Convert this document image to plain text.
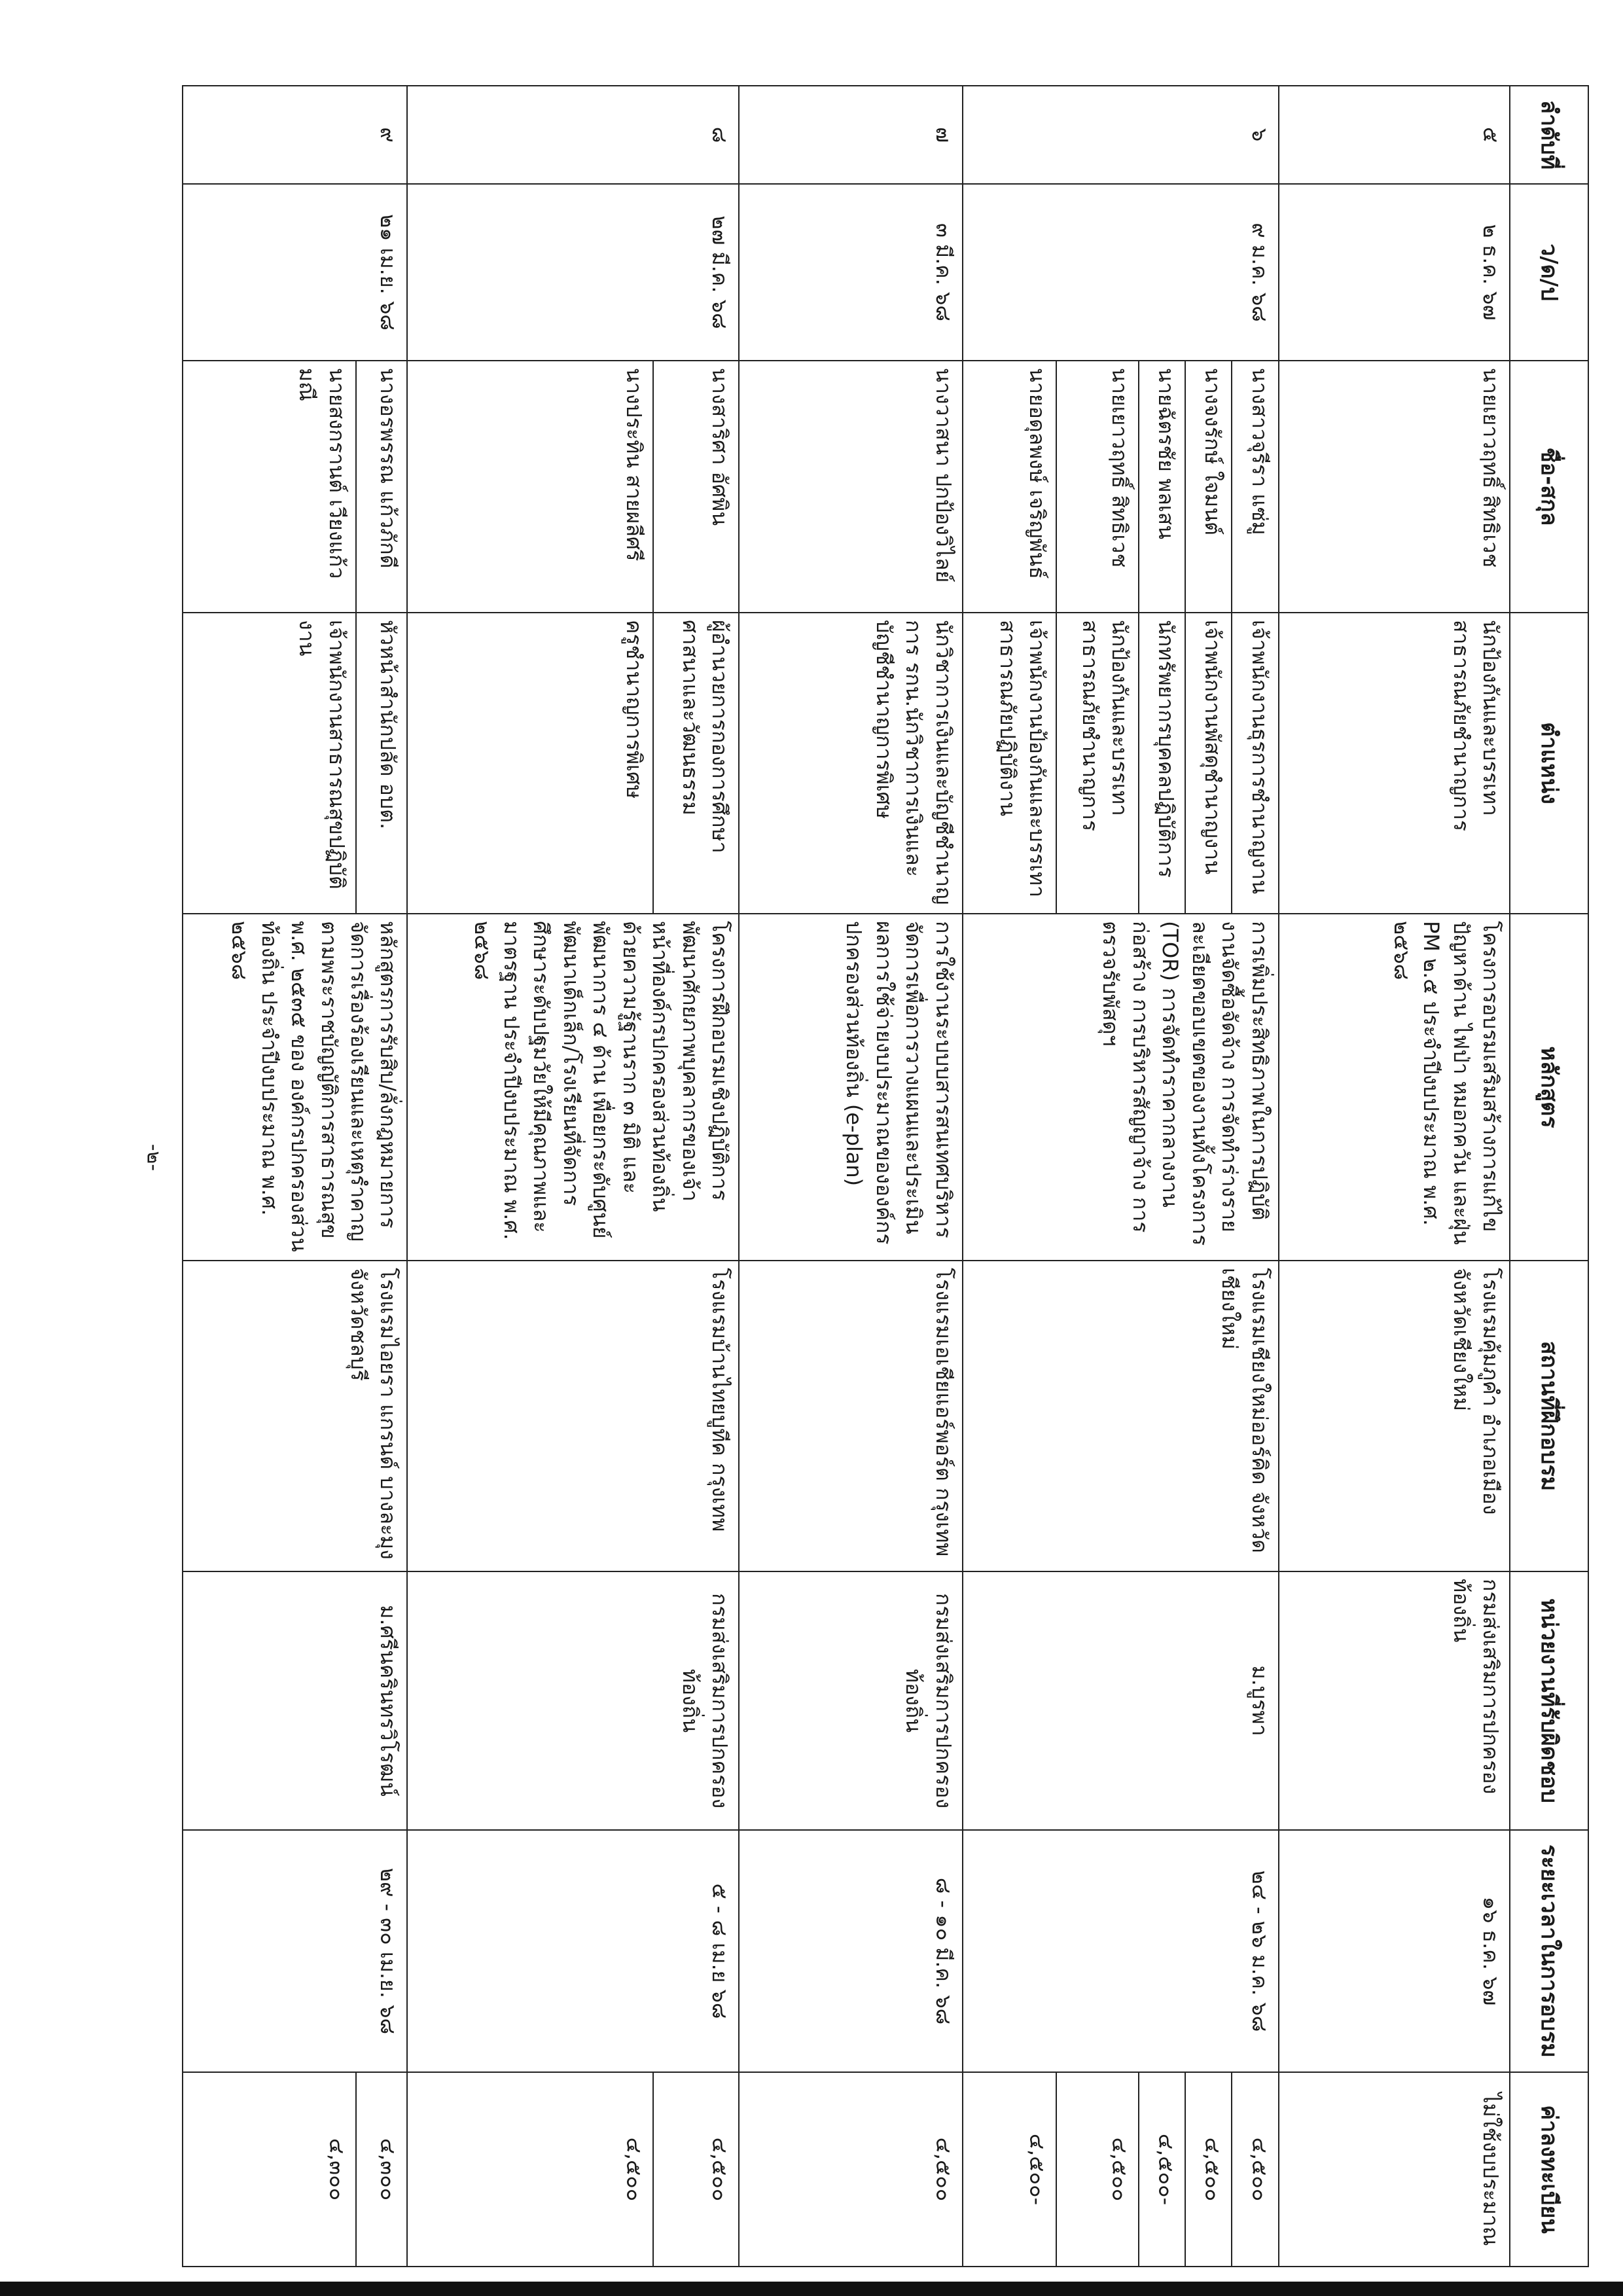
-๒-
ลำดับที่	ว/ด/ป	ชื่อ-สกุล	ตำแหน่ง	หลักสูตร	สถานที่ฝึกอบรม	หน่วยงานที่รับผิดชอบ	ระยะเวลาในการอบรม	ค่าลงทะเบียน
๕	๒ ธ.ค. ๖๗	นายเยาวฤทธิ์ สิทธิเวช	นักป้องกันและบรรเทาสาธารณภัยชำนาญการ	โครงการอบรมเสริมสร้างการแก้ไขปัญหาด้าน ไฟป่า หมอกควัน และฝุ่น PM ๒.๕ ประจำปีงบประมาณ พ.ศ. ๒๕๖๘	โรงแรมคุ้มภูคำ อำเภอเมือง จังหวัดเชียงใหม่	กรมส่งเสริมการปกครองท้องถิ่น	๑๖ ธ.ค. ๖๗	ไม่ใช้งบประมาณ
๖	๙ ม.ค. ๖๘	นางสาวจุรีรา แซ่มู	เจ้าพนักงานธุรการชำนาญงาน	การเพิ่มประสิทธิภาพในการปฏิบัติงานจัดซื้อจัดจ้าง การจัดทำร่างรายละเอียดขอบเขตของงานทั้งโครงการ (TOR) การจัดทำราคากลางงานก่อสร้าง การบริหารสัญญาจ้าง การตรวจรับพัสดุฯ	โรงแรมเชียงใหม่ออร์คิด จังหวัดเชียงใหม่	ม.บูรพา	๒๔ - ๒๖ ม.ค. ๖๘	๔,๕๐๐
		นางจงรักษ์ ใจมนต์	เจ้าพนักงานพัสดุชำนาญงาน					๔,๕๐๐
		นายฉัตรชัย พลเสน	นักทรัพยากรบุคคลปฏิบัติการ					๔,๕๐๐-
		นายเยาวฤทธิ์ สิทธิเวช	นักป้องกันและบรรเทาสาธารณภัยชำนาญการ					๔,๕๐๐
		นายอดุลพงษ์ เจริญพันธ์	เจ้าพนักงานป้องกันและบรรเทาสาธารณภัยปฏิบัติงาน					๔,๕๐๐-
๗	๓ มี.ค. ๖๘	นางวาสนา ปกป้องวิไลย์	นักวิชาการเงินและบัญชีชำนาญการ รกน.นักวิชาการเงินและบัญชีชำนาญการพิเศษ	การใช้งานระบบบสารสนเทศบริหารจัดการเพื่อการวางแผนและประเมินผลการใช้จ่ายงบประมาณขององค์กรปกครองส่วนท้องถิ่น (e-plan)	โรงแรมเอเชียแอร์พอร์ต กรุงเทพ	กรมส่งเสริมการปกครองท้องถิ่น	๘ - ๑๐ มี.ค. ๖๘	๔,๕๐๐
๘	๒๗ มี.ค. ๖๘	นางสาริศา อัศพิน	ผู้อำนวยการกองการศึกษา ศาสนาและวัฒนธรรม	โครงการฝึกอบรมเชิงปฏิบัติการพัฒนาศักยภาพบุคลากรของเจ้าหน้าที่องค์กรปกครองส่วนท้องถิ่น ด้วยความรู้ฐานราก ๓ มิติ และพัฒนาการ ๔ ด้าน เพื่อยกระดับศูนย์พัฒนาเด็กเล็ก/โรงเรียนที่จัดการศึกษาระดับปฐมวัยให้มีคุณภาพและมาตรฐาน ประจำปีงบประมาณ พ.ศ. ๒๕๖๘	โรงแรมบ้านไทยบูทีค กรุงเทพ	กรมส่งเสริมการปกครองท้องถิ่น	๕ - ๘ เม.ย ๖๘	๔,๕๐๐
		นางประทิน สายผลีศรี	ครูชำนาญการพิเศษ					๔,๕๐๐
๙	๒๑ เม.ย. ๖๘	นางอรพรรณ แก้วภักดี	หัวหน้าสำนักปลัด อบต.	หลักสูตรการรับสิบ/ลั่งกฎหมายการจัดการเรื่องร้องเรียนและเหตุรำคาญตามพระราชบัญญัติการสาธารณสุข พ.ศ. ๒๕๓๕ ของ องค์กรปกครองส่วนท้องถิ่น ประจำปีงบประมาณ พ.ศ. ๒๕๖๘	โรงแรมไอยรา แกรนด์ บางละมุง จังหวัดชลบุรี	ม.ศรีนครินทรวิโรฒน์	๒๙ - ๓๐ เม.ย. ๖๘	๔,๓๐๐
		นายสงกรานต์ เวียงแก้วมณี	เจ้าพนักงานสาธารณสุขปฏิบัติงาน					๔,๓๐๐
